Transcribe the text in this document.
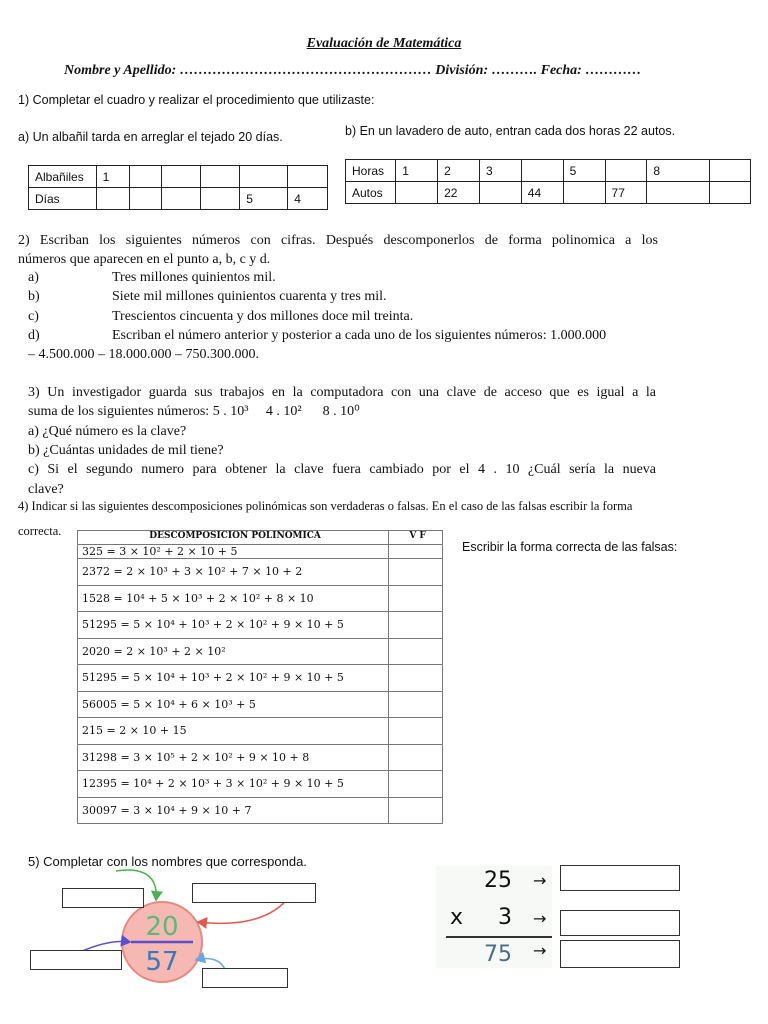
Evaluación de Matemática
Nombre y Apellido: ……………………………………………… División: ………. Fecha: …………
1) Completar el cuadro y realizar el procedimiento que utilizaste:
a) Un albañil tarda en arreglar el tejado 20 días.	b) En un lavadero de auto, entran cada dos horas 22 autos.
Albañiles	1					
Días					5	4
Horas	1	2	3		5		8	
Autos		22		44		77		
2) Escriban los siguientes números con cifras. Después descomponerlos de forma polinomica a los
números que aparecen en el punto a, b, c y d.
a)	Tres millones quinientos mil.
b)	Siete mil millones quinientos cuarenta y tres mil.
c)	Trescientos cincuenta y dos millones doce mil treinta.
d)	Escriban el número anterior y posterior a cada uno de los siguientes números: 1.000.000
– 4.500.000 – 18.000.000 – 750.300.000.
3) Un investigador guarda sus trabajos en la computadora con una clave de acceso que es igual a la
suma de los siguientes números: 5 . 10³     4 . 10²      8 . 10⁰
a) ¿Qué número es la clave?
b) ¿Cuántas unidades de mil tiene?
c) Si el segundo numero para obtener la clave fuera cambiado por el 4 . 10 ¿Cuál sería la nueva
clave?
4) Indicar si las siguientes descomposiciones polinómicas son verdaderas o falsas. En el caso de las falsas escribir la forma
correcta.	DESCOMPOSICIÓN POLINÓMICA	V F
325 = 3 × 10² + 2 × 10 + 5	
2372 = 2 × 10³ + 3 × 10² + 7 × 10 + 2	
1528 = 10⁴ + 5 × 10³ + 2 × 10² + 8 × 10	
51295 = 5 × 10⁴ + 10³ + 2 × 10² + 9 × 10 + 5	
2020 = 2 × 10³ + 2 × 10²	
51295 = 5 × 10⁴ + 10³ + 2 × 10² + 9 × 10 + 5	
56005 = 5 × 10⁴ + 6 × 10³ + 5	
215 = 2 × 10 + 15	
31298 = 3 × 10⁵ + 2 × 10² + 9 × 10 + 8	
12395 = 10⁴ + 2 × 10³ + 3 × 10² + 9 × 10 + 5	
30097 = 3 × 10⁴ + 9 × 10 + 7	
Escribir la forma correcta de las falsas:
5) Completar con los nombres que corresponda.
20
57
25
x 3
75
→
→
→
